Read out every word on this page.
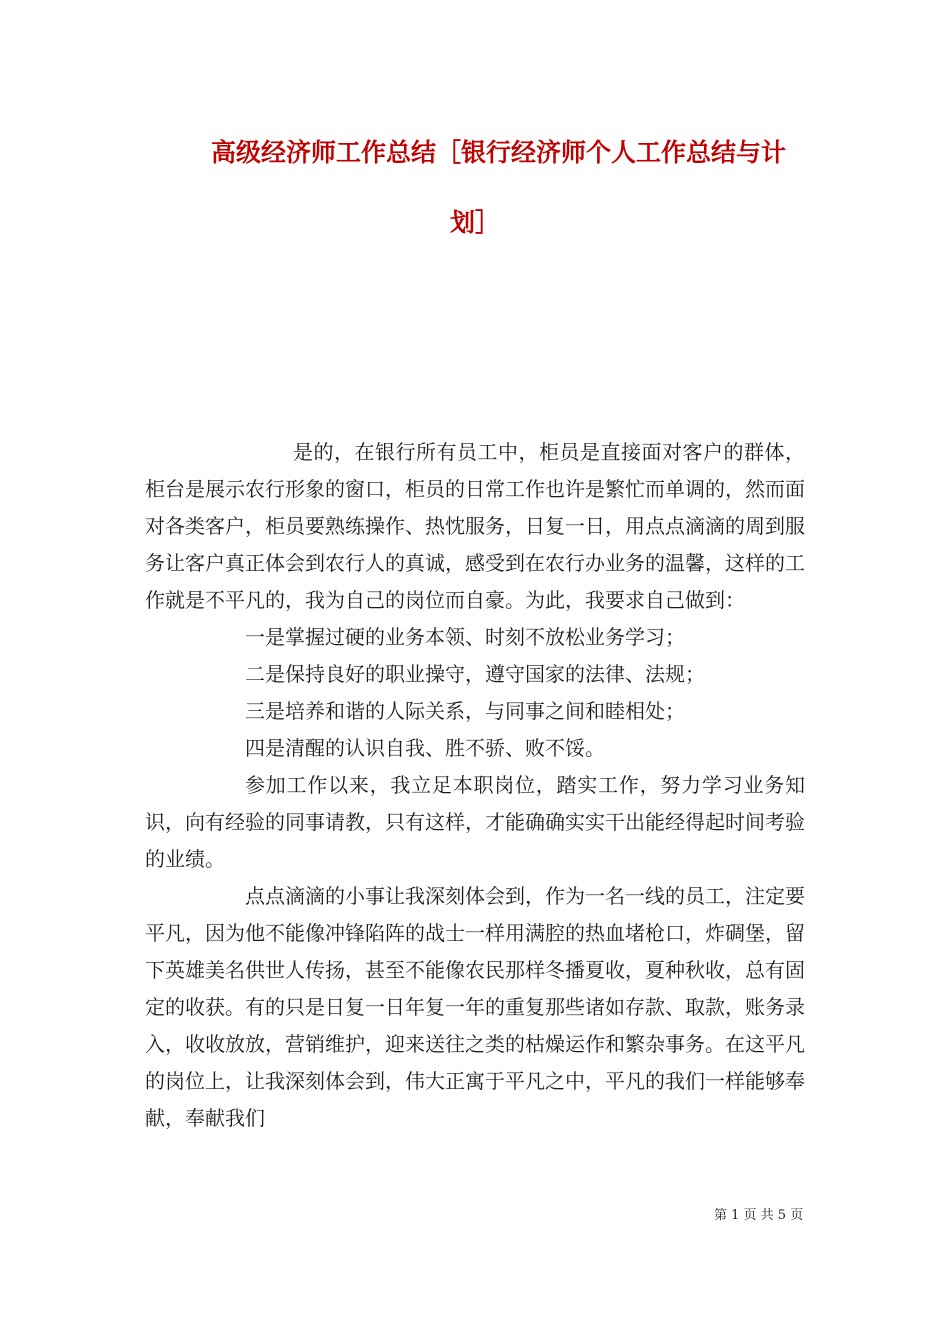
高级经济师工作总结［银行经济师个人工作总结与计
划］

是的，在银行所有员工中，柜员是直接面对客户的群体，柜台是展示农行形象的窗口，柜员的日常工作也许是繁忙而单调的，然而面对各类客户，柜员要熟练操作、热忱服务，日复一日，用点点滴滴的周到服务让客户真正体会到农行人的真诚，感受到在农行办业务的温馨，这样的工作就是不平凡的，我为自己的岗位而自豪。为此，我要求自己做到：

一是掌握过硬的业务本领、时刻不放松业务学习；

二是保持良好的职业操守，遵守国家的法律、法规；

三是培养和谐的人际关系，与同事之间和睦相处；

四是清醒的认识自我、胜不骄、败不馁。

参加工作以来，我立足本职岗位，踏实工作，努力学习业务知识，向有经验的同事请教，只有这样，才能确确实实干出能经得起时间考验的业绩。

点点滴滴的小事让我深刻体会到，作为一名一线的员工，注定要平凡，因为他不能像冲锋陷阵的战士一样用满腔的热血堵枪口，炸碉堡，留下英雄美名供世人传扬，甚至不能像农民那样冬播夏收，夏种秋收，总有固定的收获。有的只是日复一日年复一年的重复那些诸如存款、取款，账务录入，收收放放，营销维护，迎来送往之类的枯燥运作和繁杂事务。在这平凡的岗位上，让我深刻体会到，伟大正寓于平凡之中，平凡的我们一样能够奉献，奉献我们

第 1 页 共 5 页
